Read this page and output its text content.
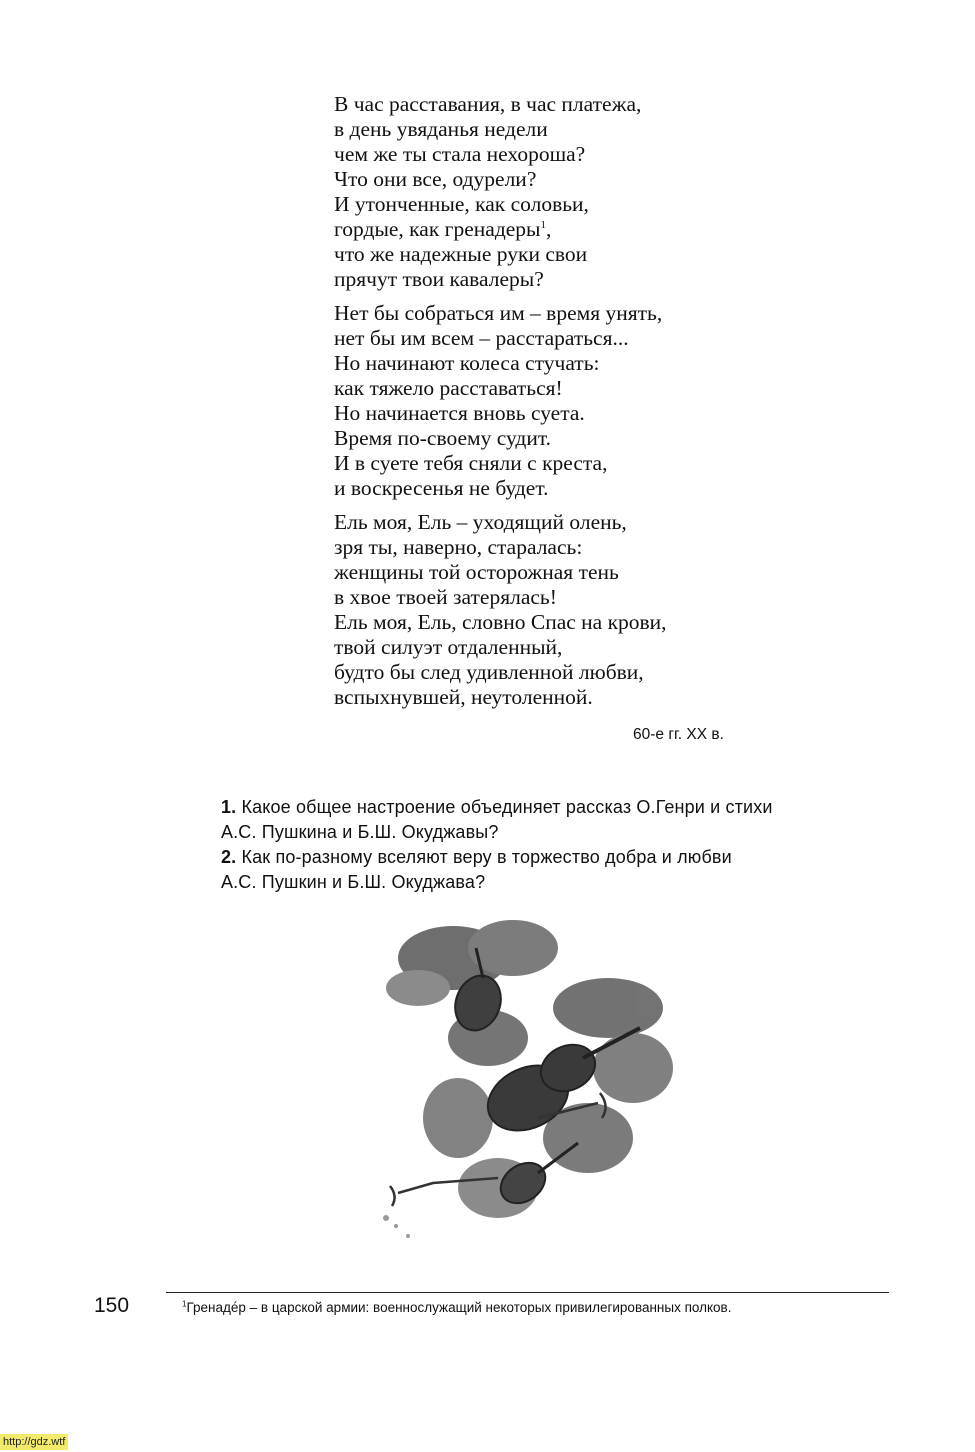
В час расставания, в час платежа,
в день увяданья недели
чем же ты стала нехороша?
Что они все, одурели?
И утонченные, как соловьи,
гордые, как гренадеры$^1$,
что же надежные руки свои
прячут твои кавалеры?
Нет бы собраться им – время унять,
нет бы им всем – расстараться...
Но начинают колеса стучать:
как тяжело расставаться!
Но начинается вновь суета.
Время по-своему судит.
И в суете тебя сняли с креста,
и воскресенья не будет.
Ель моя, Ель – уходящий олень,
зря ты, наверно, старалась:
женщины той осторожная тень
в хвое твоей затерялась!
Ель моя, Ель, словно Спас на крови,
твой силуэт отдаленный,
будто бы след удивленной любви,
вспыхнувшей, неутоленной.
60-е гг. XX в.
1. Какое общее настроение объединяет рассказ О.Генри и стихи
А.С. Пушкина и Б.Ш. Окуджавы?
2. Как по-разному вселяют веру в торжество добра и любви
А.С. Пушкин и Б.Ш. Окуджава?
150	$^1$Гренаде́р – в царской армии: военнослужащий некоторых привилегированных полков.
http://gdz.wtf
